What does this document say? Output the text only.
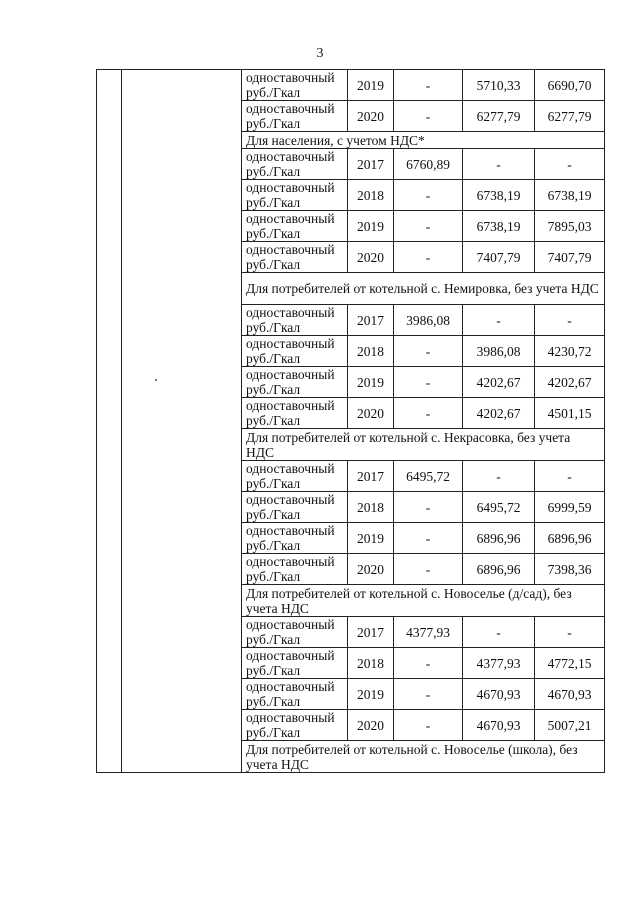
3

		одноставочный
руб./Гкал	2019	-	5710,33	6690,70

		одноставочный
руб./Гкал	2020	-	6277,79	6277,79
		Для населения, с учетом НДС*				

		одноставочный
руб./Гкал	2017	6760,89	-	-

		одноставочный
руб./Гкал	2018	-	6738,19	6738,19

		одноставочный
руб./Гкал	2019	-	6738,19	7895,03

		одноставочный
руб./Гкал	2020	-	7407,79	7407,79
		Для потребителей от котельной с. Немировка, без учета НДС				

		одноставочный
руб./Гкал	2017	3986,08	-	-

		одноставочный
руб./Гкал	2018	-	3986,08	4230,72

		одноставочный
руб./Гкал	2019	-	4202,67	4202,67

		одноставочный
руб./Гкал	2020	-	4202,67	4501,15
		Для потребителей от котельной с. Некрасовка, без учета НДС				

		одноставочный
руб./Гкал	2017	6495,72	-	-

		одноставочный
руб./Гкал	2018	-	6495,72	6999,59

		одноставочный
руб./Гкал	2019	-	6896,96	6896,96

		одноставочный
руб./Гкал	2020	-	6896,96	7398,36
		Для потребителей от котельной с. Новоселье (д/сад), без учета НДС				

		одноставочный
руб./Гкал	2017	4377,93	-	-

		одноставочный
руб./Гкал	2018	-	4377,93	4772,15

		одноставочный
руб./Гкал	2019	-	4670,93	4670,93

		одноставочный
руб./Гкал	2020	-	4670,93	5007,21
		Для потребителей от котельной с. Новоселье (школа), без учета НДС				
